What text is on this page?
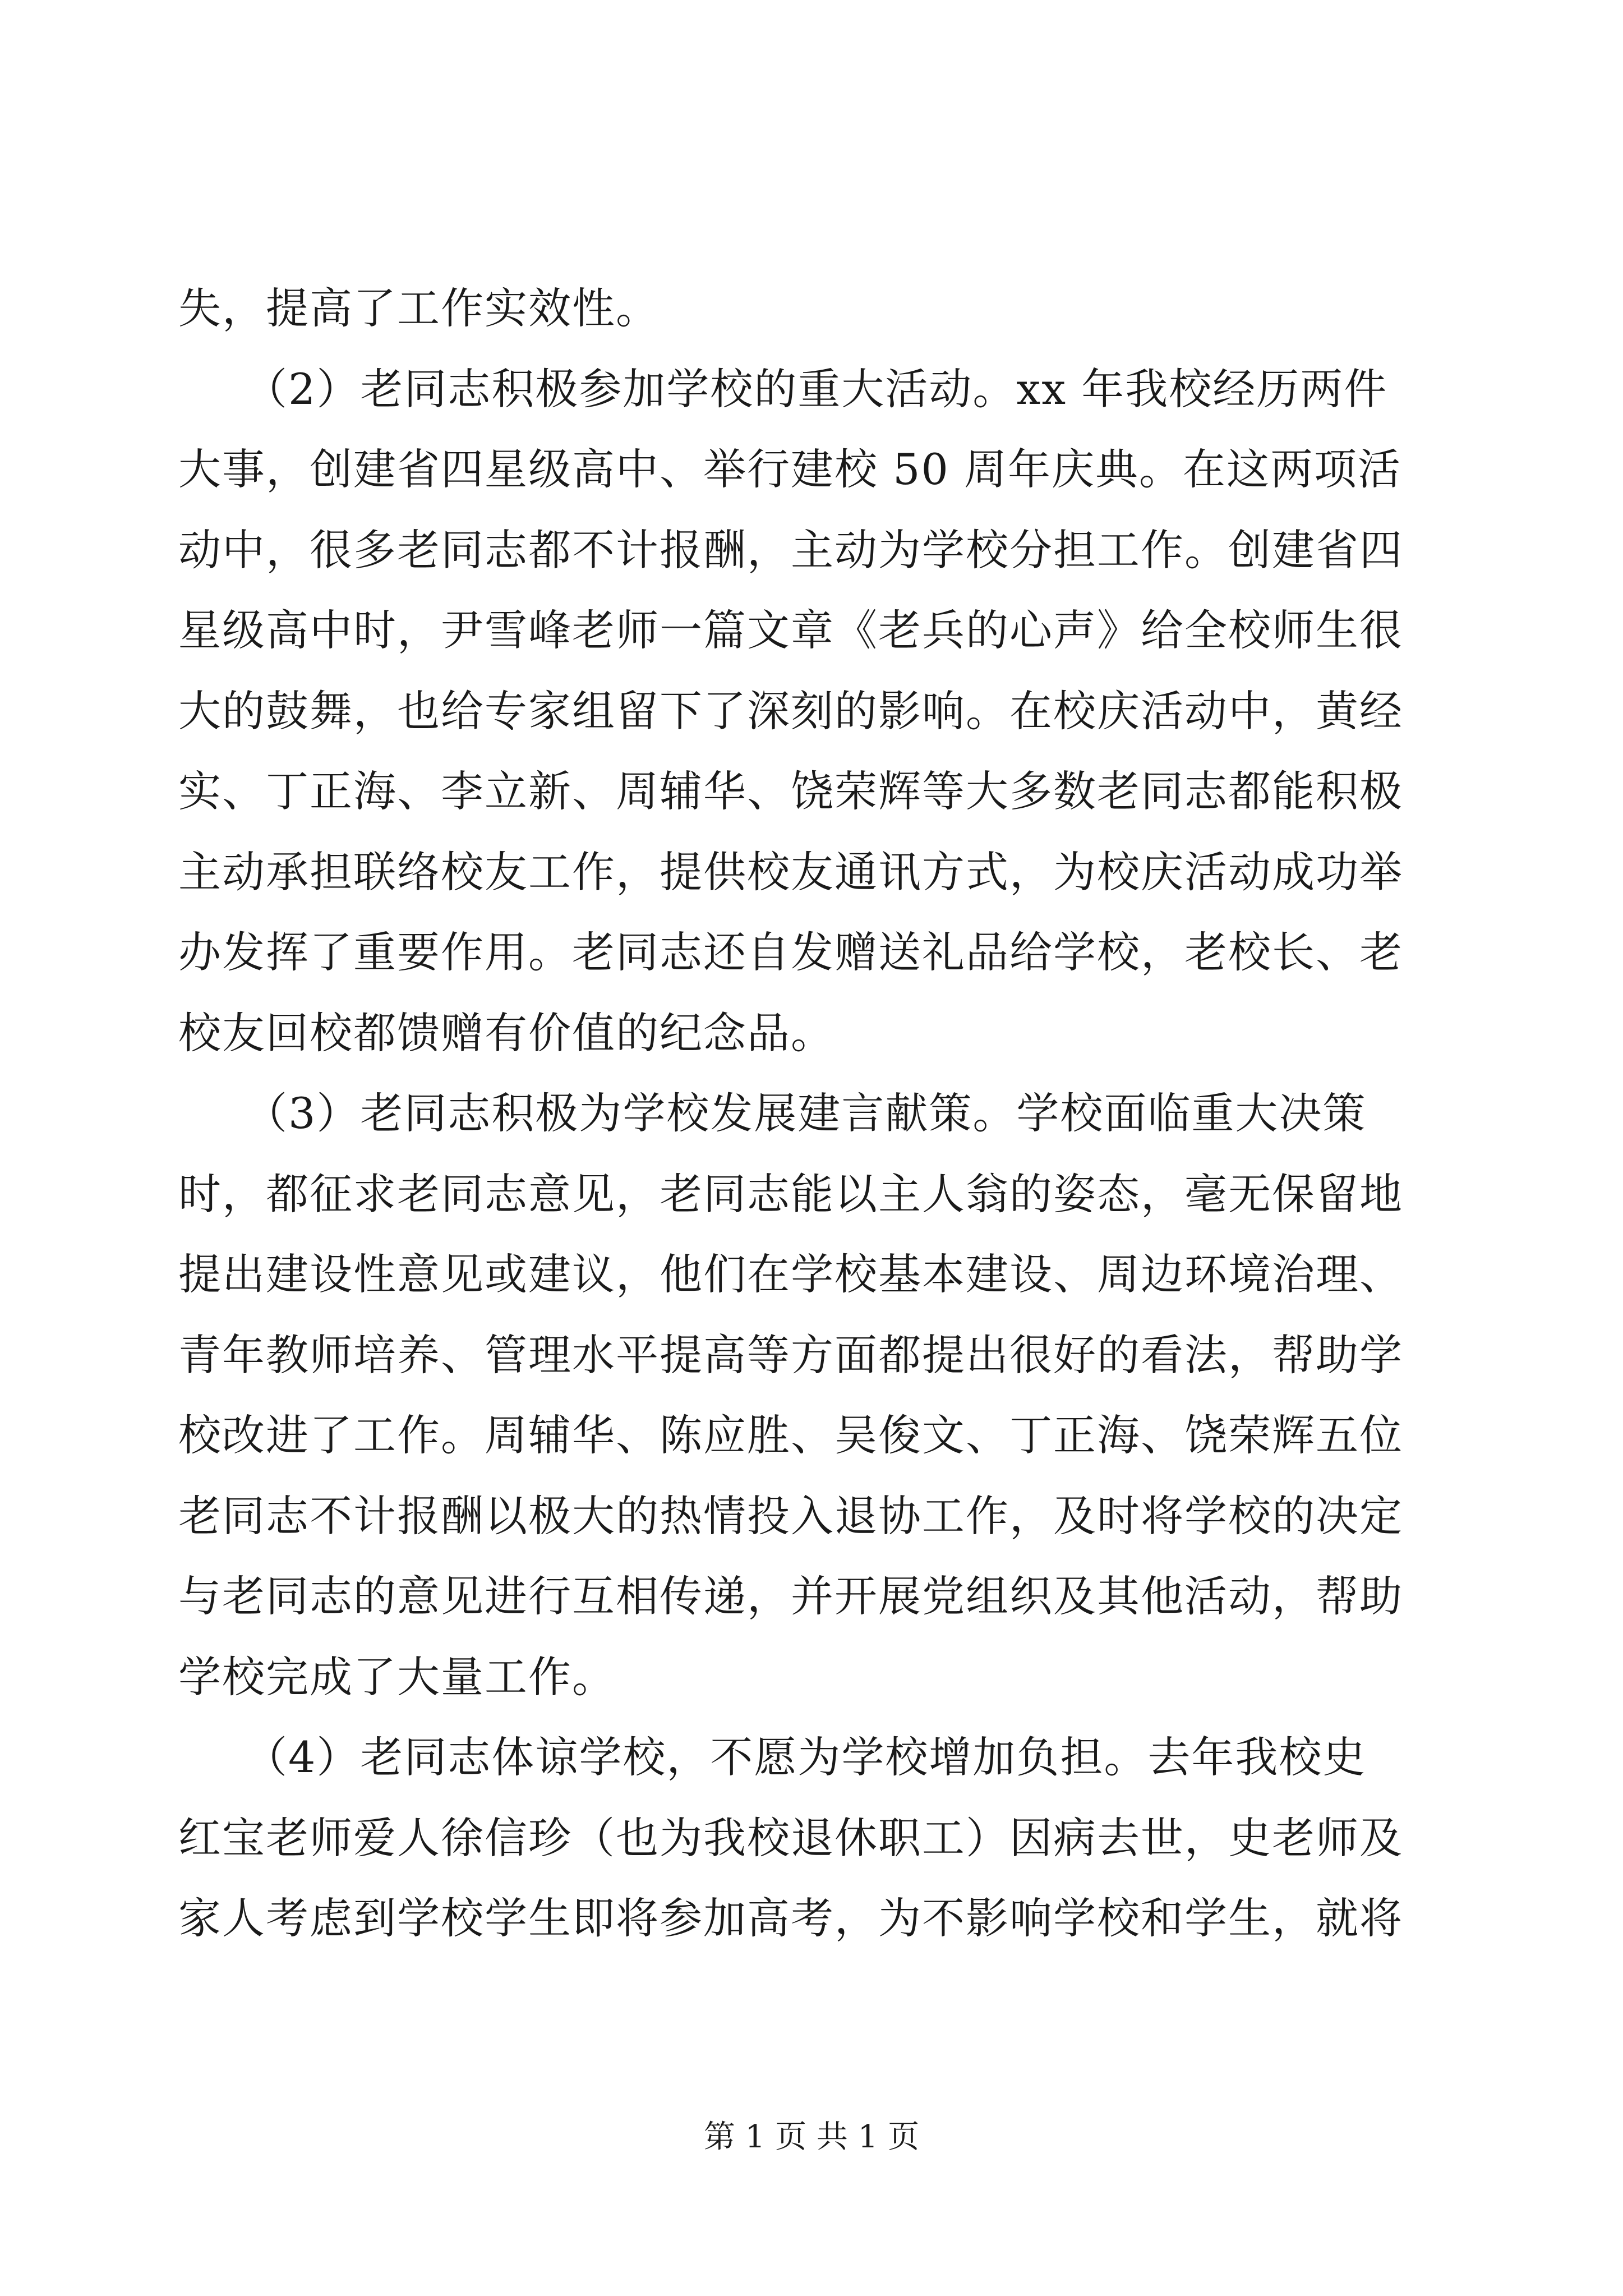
失，提高了工作实效性。
　　（2）老同志积极参加学校的重大活动。xx 年我校经历两件
大事，创建省四星级高中、举行建校 50 周年庆典。在这两项活
动中，很多老同志都不计报酬，主动为学校分担工作。创建省四
星级高中时，尹雪峰老师一篇文章《老兵的心声》给全校师生很
大的鼓舞，也给专家组留下了深刻的影响。在校庆活动中，黄经
实、丁正海、李立新、周辅华、饶荣辉等大多数老同志都能积极
主动承担联络校友工作，提供校友通讯方式，为校庆活动成功举
办发挥了重要作用。老同志还自发赠送礼品给学校，老校长、老
校友回校都馈赠有价值的纪念品。
　　（3）老同志积极为学校发展建言献策。学校面临重大决策
时，都征求老同志意见，老同志能以主人翁的姿态，毫无保留地
提出建设性意见或建议，他们在学校基本建设、周边环境治理、
青年教师培养、管理水平提高等方面都提出很好的看法，帮助学
校改进了工作。周辅华、陈应胜、吴俊文、丁正海、饶荣辉五位
老同志不计报酬以极大的热情投入退协工作，及时将学校的决定
与老同志的意见进行互相传递，并开展党组织及其他活动，帮助
学校完成了大量工作。
　　（4）老同志体谅学校，不愿为学校增加负担。去年我校史
红宝老师爱人徐信珍（也为我校退休职工）因病去世，史老师及
家人考虑到学校学生即将参加高考，为不影响学校和学生，就将
第 1 页 共 1 页
